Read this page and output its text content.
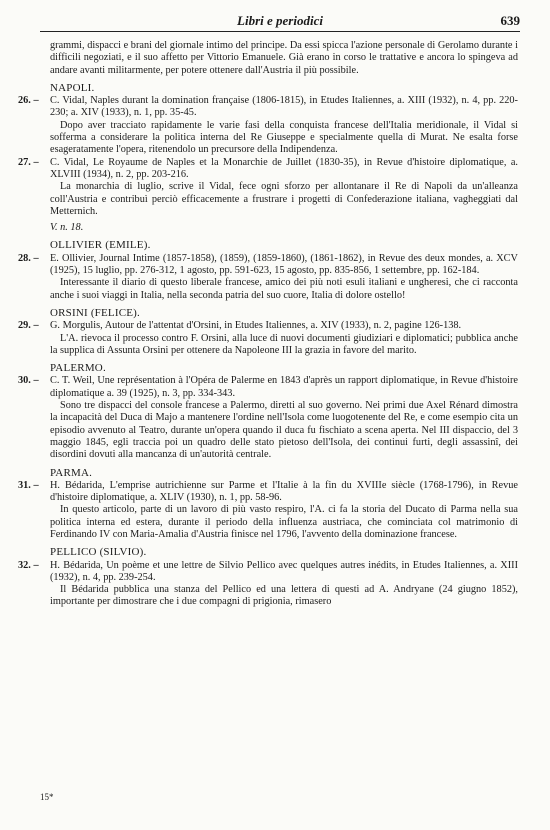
Libri e periodici	639

grammi, dispacci e brani del giornale intimo del principe. Da essi spicca l'azione personale di Gerolamo durante i difficili negoziati, e il suo affetto per Vittorio Emanuele. Già erano in corso le trattative e ancora lo spingeva ad andare avanti militarmente, per potere ottenere dall'Austria il più possibile.

NAPOLI.
26. –	C. Vidal, Naples durant la domination française (1806-1815), in Etudes Italiennes, a. XIII (1932), n. 4, pp. 220-230; a. XIV (1933), n. 1, pp. 35-45.

Dopo aver tracciato rapidamente le varie fasi della conquista francese dell'Italia meridionale, il Vidal si sofferma a considerare la politica interna del Re Giuseppe e specialmente quella di Murat. Ne esalta forse esageratamente l'opera, ritenendolo un precursore della Indipendenza.

27. –	C. Vidal, Le Royaume de Naples et la Monarchie de Juillet (1830-35), in Revue d'histoire diplomatique, a. XLVIII (1934), n. 2, pp. 203-216.

La monarchia di luglio, scrive il Vidal, fece ogni sforzo per allontanare il Re di Napoli da un'alleanza coll'Austria e contribuì perciò efficacemente a frustrare i progetti di Confederazione italiana, vagheggiati dal Metternich.

V. n. 18.
OLLIVIER (EMILE).
28. –	E. Ollivier, Journal Intime (1857-1858), (1859), (1859-1860), (1861-1862), in Revue des deux mondes, a. XCV (1925), 15 luglio, pp. 276-312, 1 agosto, pp. 591-623, 15 agosto, pp. 835-856, 1 settembre, pp. 162-184.

Interessante il diario di questo liberale francese, amico dei più noti esuli italiani e ungheresi, che ci racconta anche i suoi viaggi in Italia, nella seconda patria del suo cuore, Italia di dolore ostello!

ORSINI (FELICE).
29. –	G. Morgulis, Autour de l'attentat d'Orsini, in Etudes Italiennes, a. XIV (1933), n. 2, pagine 126-138.

L'A. rievoca il processo contro F. Orsini, alla luce di nuovi documenti giudiziari e diplomatici; pubblica anche la supplica di Assunta Orsini per ottenere da Napoleone III la grazia in favore del marito.

PALERMO.
30. –	C. T. Weil, Une représentation à l'Opéra de Palerme en 1843 d'après un rapport diplomatique, in Revue d'histoire diplomatique a. 39 (1925), n. 3, pp. 334-343.

Sono tre dispacci del console francese a Palermo, diretti al suo governo. Nei primi due Axel Rénard dimostra la incapacità del Duca di Majo a mantenere l'ordine nell'Isola come luogotenente del Re, e come esempio cita un episodio avvenuto al Teatro, durante un'opera quando il duca fu fischiato a scena aperta. Nel III dispaccio, del 3 maggio 1845, egli traccia poi un quadro delle stato pietoso dell'Isola, dei continui furti, degli assassinî, dei disordini dovuti alla mancanza di un'autorità centrale.

PARMA.
31. –	H. Bédarida, L'emprise autrichienne sur Parme et l'Italie à la fin du XVIIIe siècle (1768-1796), in Revue d'histoire diplomatique, a. XLIV (1930), n. 1, pp. 58-96.

In questo articolo, parte di un lavoro di più vasto respiro, l'A. ci fa la storia del Ducato di Parma nella sua politica interna ed estera, durante il periodo della influenza austriaca, che cominciata col matrimonio di Ferdinando IV con Maria-Amalia d'Austria finisce nel 1796, l'avvento della dominazione francese.

PELLICO (SILVIO).
32. –	H. Bédarida, Un poème et une lettre de Silvio Pellico avec quelques autres inédits, in Etudes Italiennes, a. XIII (1932), n. 4, pp. 239-254.

Il Bédarida pubblica una stanza del Pellico ed una lettera di questi ad A. Andryane (24 giugno 1852), importante per dimostrare che i due compagni di prigionia, rimasero

15*
